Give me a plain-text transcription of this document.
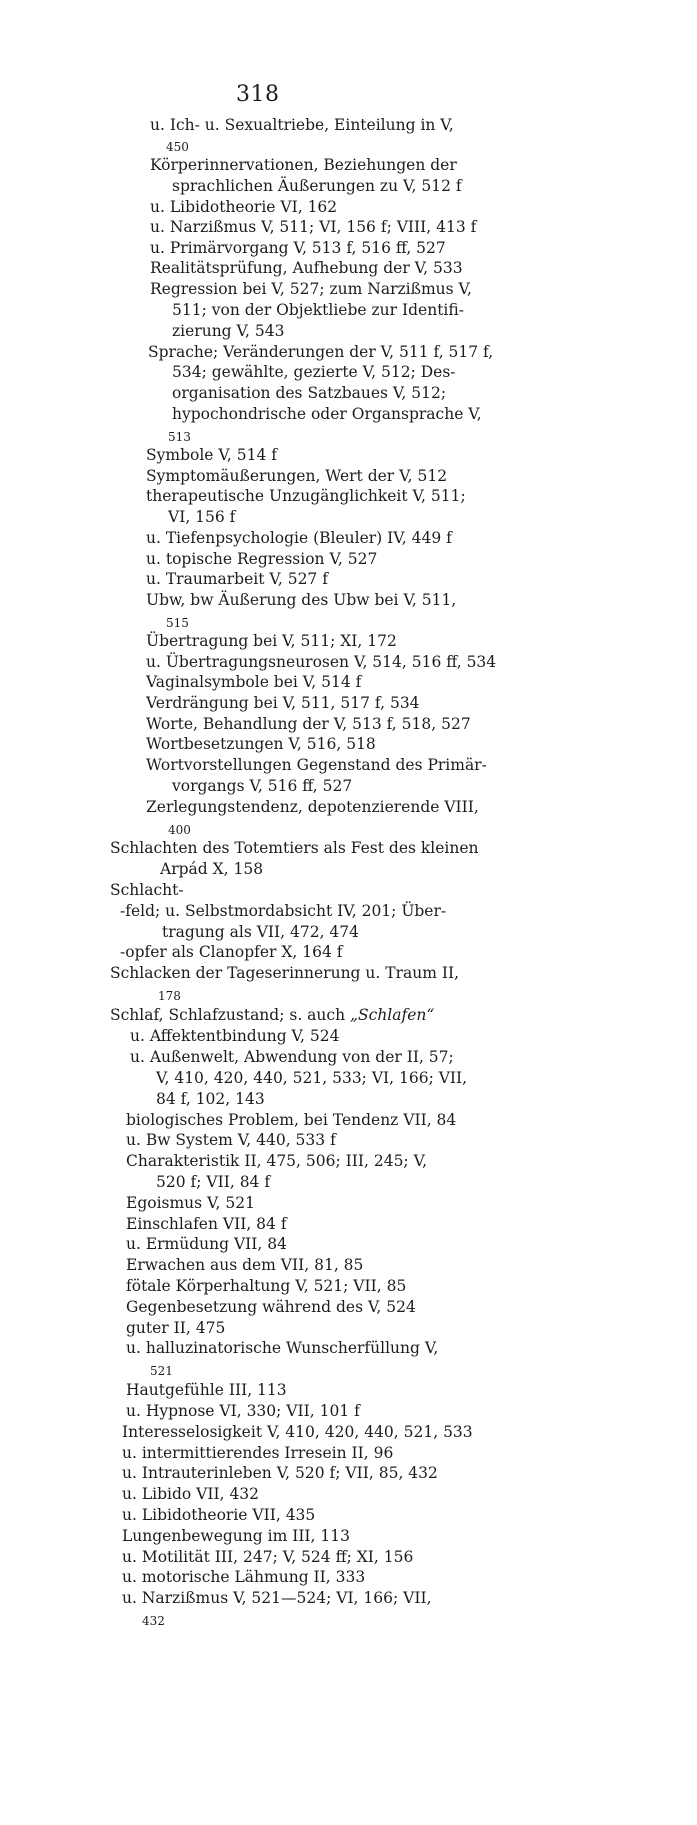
318
u. Ich- u. Sexualtriebe, Einteilung in V,
450
Körperinnervationen, Beziehungen der
sprachlichen Äußerungen zu V, 512 f
u. Libidotheorie VI, 162
u. Narzißmus V, 511; VI, 156 f; VIII, 413 f
u. Primärvorgang V, 513 f, 516 ff, 527
Realitätsprüfung, Aufhebung der V, 533
Regression bei V, 527; zum Narzißmus V,
511; von der Objektliebe zur Identifi-
zierung V, 543
Sprache; Veränderungen der V, 511 f, 517 f,
534; gewählte, gezierte V, 512; Des-
organisation des Satzbaues V, 512;
hypochondrische oder Organsprache V,
513
Symbole V, 514 f
Symptomäußerungen, Wert der V, 512
therapeutische Unzugänglichkeit V, 511;
VI, 156 f
u. Tiefenpsychologie (Bleuler) IV, 449 f
u. topische Regression V, 527
u. Traumarbeit V, 527 f
Ubw, bw Äußerung des Ubw bei V, 511,
515
Übertragung bei V, 511; XI, 172
u. Übertragungsneurosen V, 514, 516 ff, 534
Vaginalsymbole bei V, 514 f
Verdrängung bei V, 511, 517 f, 534
Worte, Behandlung der V, 513 f, 518, 527
Wortbesetzungen V, 516, 518
Wortvorstellungen Gegenstand des Primär-
vorgangs V, 516 ff, 527
Zerlegungstendenz, depotenzierende VIII,
400
Schlachten des Totemtiers als Fest des kleinen
Arpád X, 158
Schlacht-
-feld; u. Selbstmordabsicht IV, 201; Über-
tragung als VII, 472, 474
-opfer als Clanopfer X, 164 f
Schlacken der Tageserinnerung u. Traum II,
178
Schlaf, Schlafzustand; s. auch „Schlafen“
u. Affektentbindung V, 524
u. Außenwelt, Abwendung von der II, 57;
V, 410, 420, 440, 521, 533; VI, 166; VII,
84 f, 102, 143
biologisches Problem, bei Tendenz VII, 84
u. Bw System V, 440, 533 f
Charakteristik II, 475, 506; III, 245; V,
520 f; VII, 84 f
Egoismus V, 521
Einschlafen VII, 84 f
u. Ermüdung VII, 84
Erwachen aus dem VII, 81, 85
fötale Körperhaltung V, 521; VII, 85
Gegenbesetzung während des V, 524
guter II, 475
u. halluzinatorische Wunscherfüllung V,
521
Hautgefühle III, 113
u. Hypnose VI, 330; VII, 101 f
Interesselosigkeit V, 410, 420, 440, 521, 533
u. intermittierendes Irresein II, 96
u. Intrauterinleben V, 520 f; VII, 85, 432
u. Libido VII, 432
u. Libidotheorie VII, 435
Lungenbewegung im III, 113
u. Motilität III, 247; V, 524 ff; XI, 156
u. motorische Lähmung II, 333
u. Narzißmus V, 521—524; VI, 166; VII,
432
